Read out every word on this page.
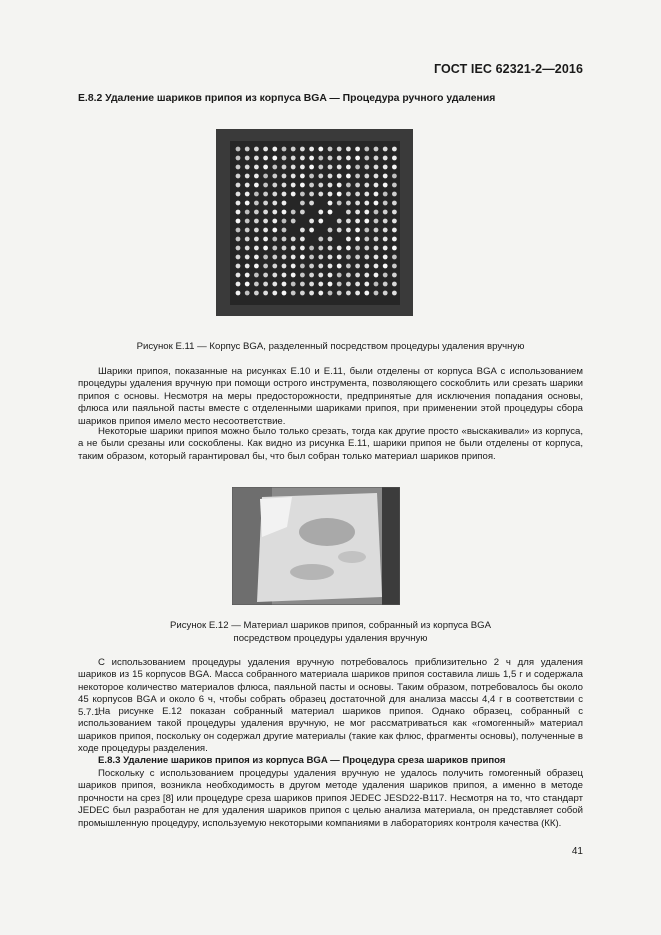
ГОСТ IEC 62321-2—2016
Е.8.2 Удаление шариков припоя из корпуса BGA — Процедура ручного удаления
Рисунок Е.11 — Корпус BGA, разделенный посредством процедуры удаления вручную

Шарики припоя, показанные на рисунках Е.10 и Е.11, были отделены от корпуса BGA с использованием процедуры удаления вручную при помощи острого инструмента, позволяющего соскоблить или срезать шарики припоя с основы. Несмотря на меры предосторожности, предпринятые для исключения попадания основы, флюса или паяльной пасты вместе с отделенными шариками припоя, при применении этой процедуры сбора шариков припоя имело место несоответствие.

Некоторые шарики припоя можно было только срезать, тогда как другие просто «выскакивали» из корпуса, а не были срезаны или соскоблены. Как видно из рисунка Е.11, шарики припоя не были отделены от корпуса, таким образом, который гарантировал бы, что был собран только материал шариков припоя.

Рисунок Е.12 — Материал шариков припоя, собранный из корпуса BGA
посредством процедуры удаления вручную

С использованием процедуры удаления вручную потребовалось приблизительно 2 ч для удаления шариков из 15 корпусов BGA. Масса собранного материала шариков припоя составила лишь 1,5 г и содержала некоторое количество материалов флюса, паяльной пасты и основы. Таким образом, потребовалось бы около 45 корпусов BGA и около 6 ч, чтобы собрать образец достаточной для анализа массы 4,4 г в соответствии с 5.7.1.

На рисунке Е.12 показан собранный материал шариков припоя. Однако образец, собранный с использованием такой процедуры удаления вручную, не мог рассматриваться как «гомогенный» материал шариков припоя, поскольку он содержал другие материалы (такие как флюс, фрагменты основы), полученные в ходе процедуры разделения.

Е.8.3 Удаление шариков припоя из корпуса BGA — Процедура среза шариков припоя

Поскольку с использованием процедуры удаления вручную не удалось получить гомогенный образец шариков припоя, возникла необходимость в другом методе удаления шариков припоя, а именно в методе прочности на срез [8] или процедуре среза шариков припоя JEDEC JESD22-B117. Несмотря на то, что стандарт JEDEC был разработан не для удаления шариков припоя с целью анализа материала, он представляет собой промышленную процедуру, используемую некоторыми компаниями в лабораториях контроля качества (КК).

41
